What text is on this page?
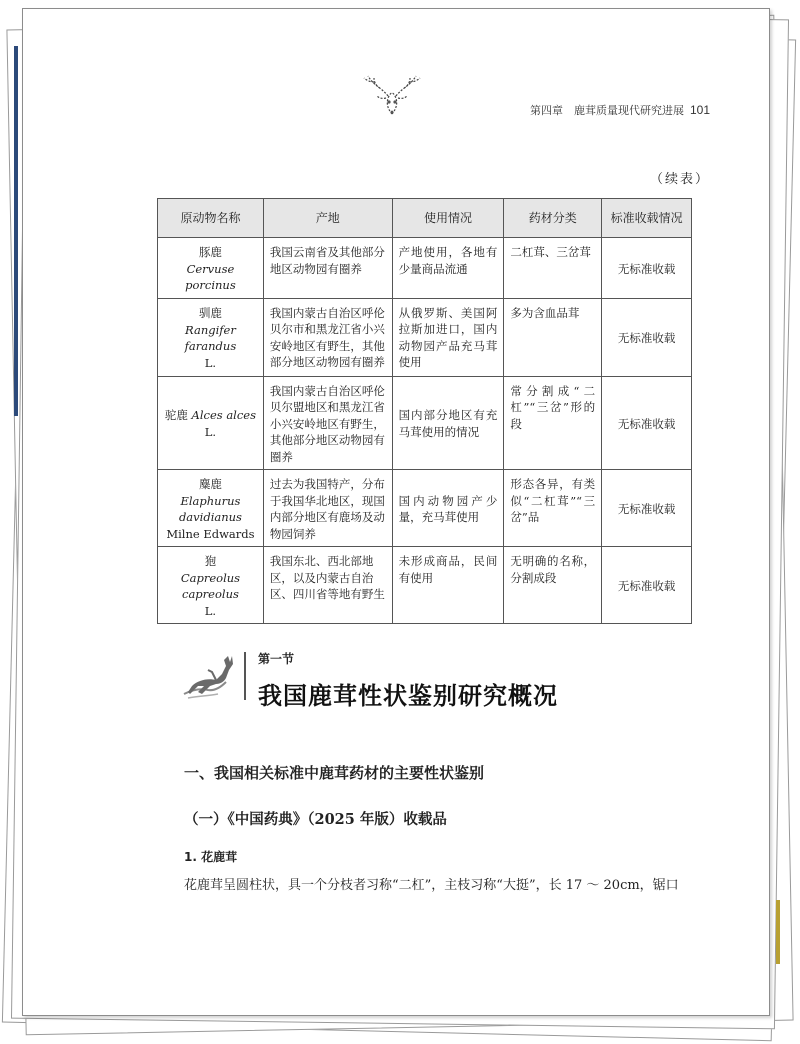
第四章　鹿茸质量现代研究进展 101
（续表）
原动物名称	产地	使用情况	药材分类	标准收载情况
豚鹿
Cervuse porcinus	我国云南省及其他部分地区动物园有圈养	产地使用，各地有少量商品流通	二杠茸、三岔茸	无标准收载
驯鹿
Rangifer farandus
L.	我国内蒙古自治区呼伦贝尔市和黑龙江省小兴安岭地区有野生，其他部分地区动物园有圈养	从俄罗斯、美国阿拉斯加进口，国内动物园产品充马茸使用	多为含血品茸	无标准收载
驼鹿 Alces alces
L.	我国内蒙古自治区呼伦贝尔盟地区和黑龙江省小兴安岭地区有野生，其他部分地区动物园有圈养	国内部分地区有充马茸使用的情况	常分割成“二杠”“三岔”形的段	无标准收载
麋鹿
Elaphurus davidianus
Milne Edwards	过去为我国特产，分布于我国华北地区，现国内部分地区有鹿场及动物园饲养	国内动物园产少量，充马茸使用	形态各异，有类似“二杠茸”“三岔”品	无标准收载
狍
Capreolus capreolus
L.	我国东北、西北部地区，以及内蒙古自治区、四川省等地有野生	未形成商品，民间有使用	无明确的名称，分割成段	无标准收载
第一节
我国鹿茸性状鉴别研究概况
一、我国相关标准中鹿茸药材的主要性状鉴别
（一）《中国药典》（2025 年版）收载品
1. 花鹿茸
花鹿茸呈圆柱状，具一个分枝者习称“二杠”，主枝习称“大挺”，长 17 ～ 20cm，锯口
